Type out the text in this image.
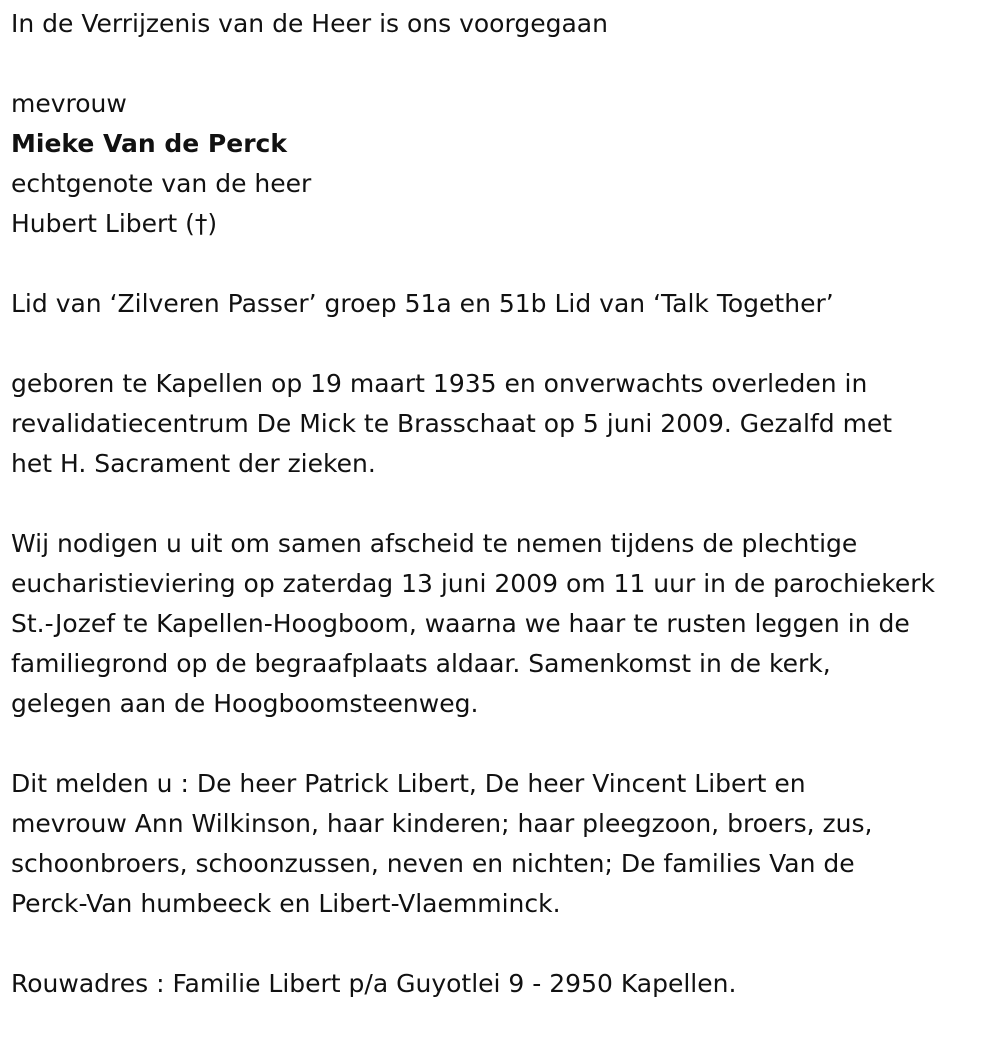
In de Verrijzenis van de Heer is ons voorgegaan

mevrouw

Mieke Van de Perck

echtgenote van de heer

Hubert Libert (†)

Lid van ‘Zilveren Passer’ groep 51a en 51b Lid van ‘Talk Together’

geboren te Kapellen op 19 maart 1935 en onverwachts overleden in

revalidatiecentrum De Mick te Brasschaat op 5 juni 2009. Gezalfd met

het H. Sacrament der zieken.

Wij nodigen u uit om samen afscheid te nemen tijdens de plechtige

eucharistieviering op zaterdag 13 juni 2009 om 11 uur in de parochiekerk

St.-Jozef te Kapellen-Hoogboom, waarna we haar te rusten leggen in de

familiegrond op de begraafplaats aldaar. Samenkomst in de kerk,

gelegen aan de Hoogboomsteenweg.

Dit melden u : De heer Patrick Libert, De heer Vincent Libert en

mevrouw Ann Wilkinson, haar kinderen; haar pleegzoon, broers, zus,

schoonbroers, schoonzussen, neven en nichten; De families Van de

Perck-Van humbeeck en Libert-Vlaemminck.

Rouwadres : Familie Libert p/a Guyotlei 9 - 2950 Kapellen.
